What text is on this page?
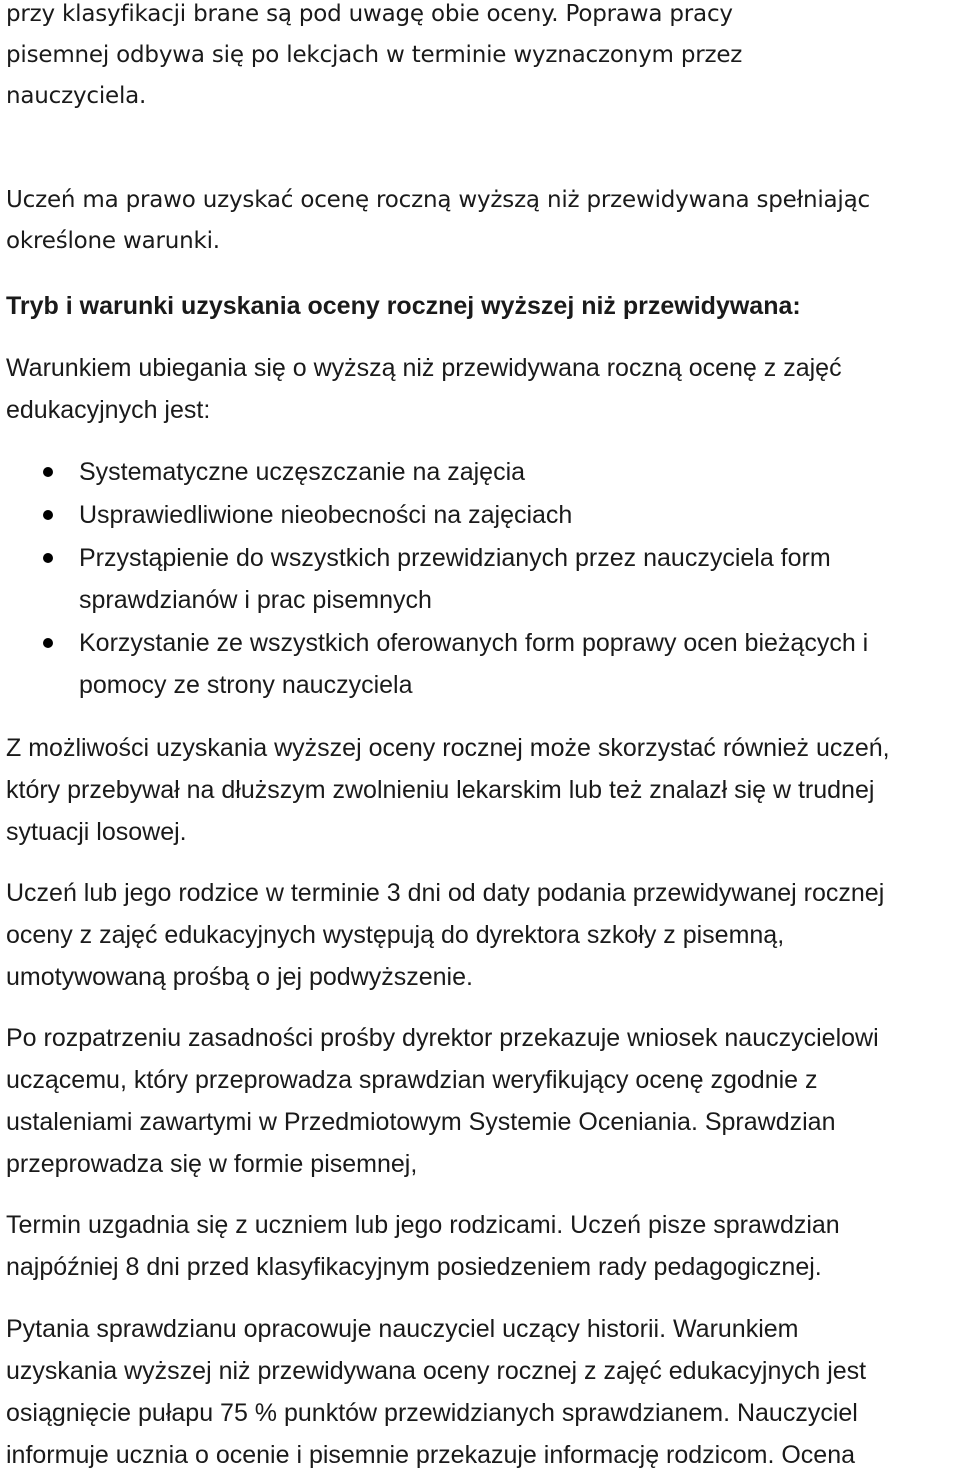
przy klasyfikacji brane są pod uwagę obie oceny. Poprawa pracy
pisemnej odbywa się po lekcjach w terminie wyznaczonym przez
nauczyciela.
Uczeń ma prawo uzyskać ocenę roczną wyższą niż przewidywana spełniając
określone warunki.
Tryb i warunki uzyskania oceny rocznej wyższej niż przewidywana:
Warunkiem ubiegania się o wyższą niż przewidywana roczną ocenę z zajęć
edukacyjnych jest:
Systematyczne uczęszczanie na zajęcia
Usprawiedliwione nieobecności na zajęciach
Przystąpienie do wszystkich przewidzianych przez nauczyciela form
sprawdzianów i prac pisemnych
Korzystanie ze wszystkich oferowanych form poprawy ocen bieżących i
pomocy ze strony nauczyciela
Z możliwości uzyskania wyższej oceny rocznej może skorzystać również uczeń,
który przebywał na dłuższym zwolnieniu lekarskim lub też znalazł się w trudnej
sytuacji losowej.
Uczeń lub jego rodzice w terminie 3 dni od daty podania przewidywanej rocznej
oceny z zajęć edukacyjnych występują do dyrektora szkoły z pisemną,
umotywowaną prośbą o jej podwyższenie.
Po rozpatrzeniu zasadności prośby dyrektor przekazuje wniosek nauczycielowi
uczącemu, który przeprowadza sprawdzian weryfikujący ocenę zgodnie z
ustaleniami zawartymi w Przedmiotowym Systemie Oceniania. Sprawdzian
przeprowadza się w formie pisemnej,
Termin uzgadnia się z uczniem lub jego rodzicami. Uczeń pisze sprawdzian
najpóźniej 8 dni przed klasyfikacyjnym posiedzeniem rady pedagogicznej.
Pytania sprawdzianu opracowuje nauczyciel uczący historii. Warunkiem
uzyskania wyższej niż przewidywana oceny rocznej z zajęć edukacyjnych jest
osiągnięcie pułapu 75 % punktów przewidzianych sprawdzianem. Nauczyciel
informuje ucznia o ocenie i pisemnie przekazuje informację rodzicom. Ocena
